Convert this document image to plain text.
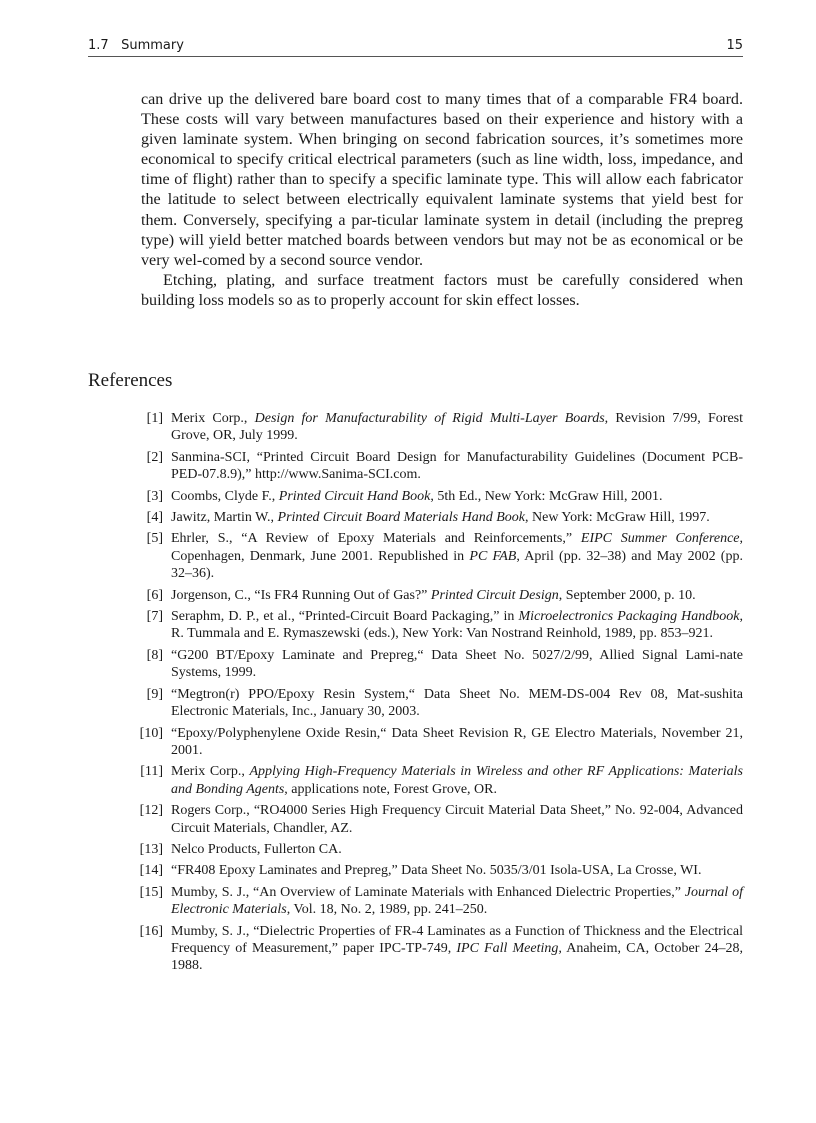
1.7   Summary	15

can drive up the delivered bare board cost to many times that of a comparable FR4 board. These costs will vary between manufactures based on their experience and history with a given laminate system. When bringing on second fabrication sources, it’s sometimes more economical to specify critical electrical parameters (such as line width, loss, impedance, and time of flight) rather than to specify a specific laminate type. This will allow each fabricator the latitude to select between electrically equivalent laminate systems that yield best for them. Conversely, specifying a par-ticular laminate system in detail (including the prepreg type) will yield better matched boards between vendors but may not be as economical or be very wel-comed by a second source vendor.

Etching, plating, and surface treatment factors must be carefully considered when building loss models so as to properly account for skin effect losses.

References
[1] Merix Corp., Design for Manufacturability of Rigid Multi-Layer Boards, Revision 7/99, Forest Grove, OR, July 1999.
[2] Sanmina-SCI, “Printed Circuit Board Design for Manufacturability Guidelines (Document PCB-PED-07.8.9),” http://www.Sanima-SCI.com.
[3] Coombs, Clyde F., Printed Circuit Hand Book, 5th Ed., New York: McGraw Hill, 2001.
[4] Jawitz, Martin W., Printed Circuit Board Materials Hand Book, New York: McGraw Hill, 1997.
[5] Ehrler, S., “A Review of Epoxy Materials and Reinforcements,” EIPC Summer Conference, Copenhagen, Denmark, June 2001. Republished in PC FAB, April (pp. 32–38) and May 2002 (pp. 32–36).
[6] Jorgenson, C., “Is FR4 Running Out of Gas?” Printed Circuit Design, September 2000, p. 10.
[7] Seraphm, D. P., et al., “Printed-Circuit Board Packaging,” in Microelectronics Packaging Handbook, R. Tummala and E. Rymaszewski (eds.), New York: Van Nostrand Reinhold, 1989, pp. 853–921.
[8] “G200 BT/Epoxy Laminate and Prepreg,“ Data Sheet No. 5027/2/99, Allied Signal Lami-nate Systems, 1999.
[9] “Megtron(r) PPO/Epoxy Resin System,“ Data Sheet No. MEM-DS-004 Rev 08, Mat-sushita Electronic Materials, Inc., January 30, 2003.
[10] “Epoxy/Polyphenylene Oxide Resin,“ Data Sheet Revision R, GE Electro Materials, November 21, 2001.
[11] Merix Corp., Applying High-Frequency Materials in Wireless and other RF Applications: Materials and Bonding Agents, applications note, Forest Grove, OR.
[12] Rogers Corp., “RO4000 Series High Frequency Circuit Material Data Sheet,” No. 92-004, Advanced Circuit Materials, Chandler, AZ.
[13] Nelco Products, Fullerton CA.
[14] “FR408 Epoxy Laminates and Prepreg,” Data Sheet No. 5035/3/01 Isola-USA, La Crosse, WI.
[15] Mumby, S. J., “An Overview of Laminate Materials with Enhanced Dielectric Properties,” Journal of Electronic Materials, Vol. 18, No. 2, 1989, pp. 241–250.
[16] Mumby, S. J., “Dielectric Properties of FR-4 Laminates as a Function of Thickness and the Electrical Frequency of Measurement,” paper IPC-TP-749, IPC Fall Meeting, Anaheim, CA, October 24–28, 1988.
